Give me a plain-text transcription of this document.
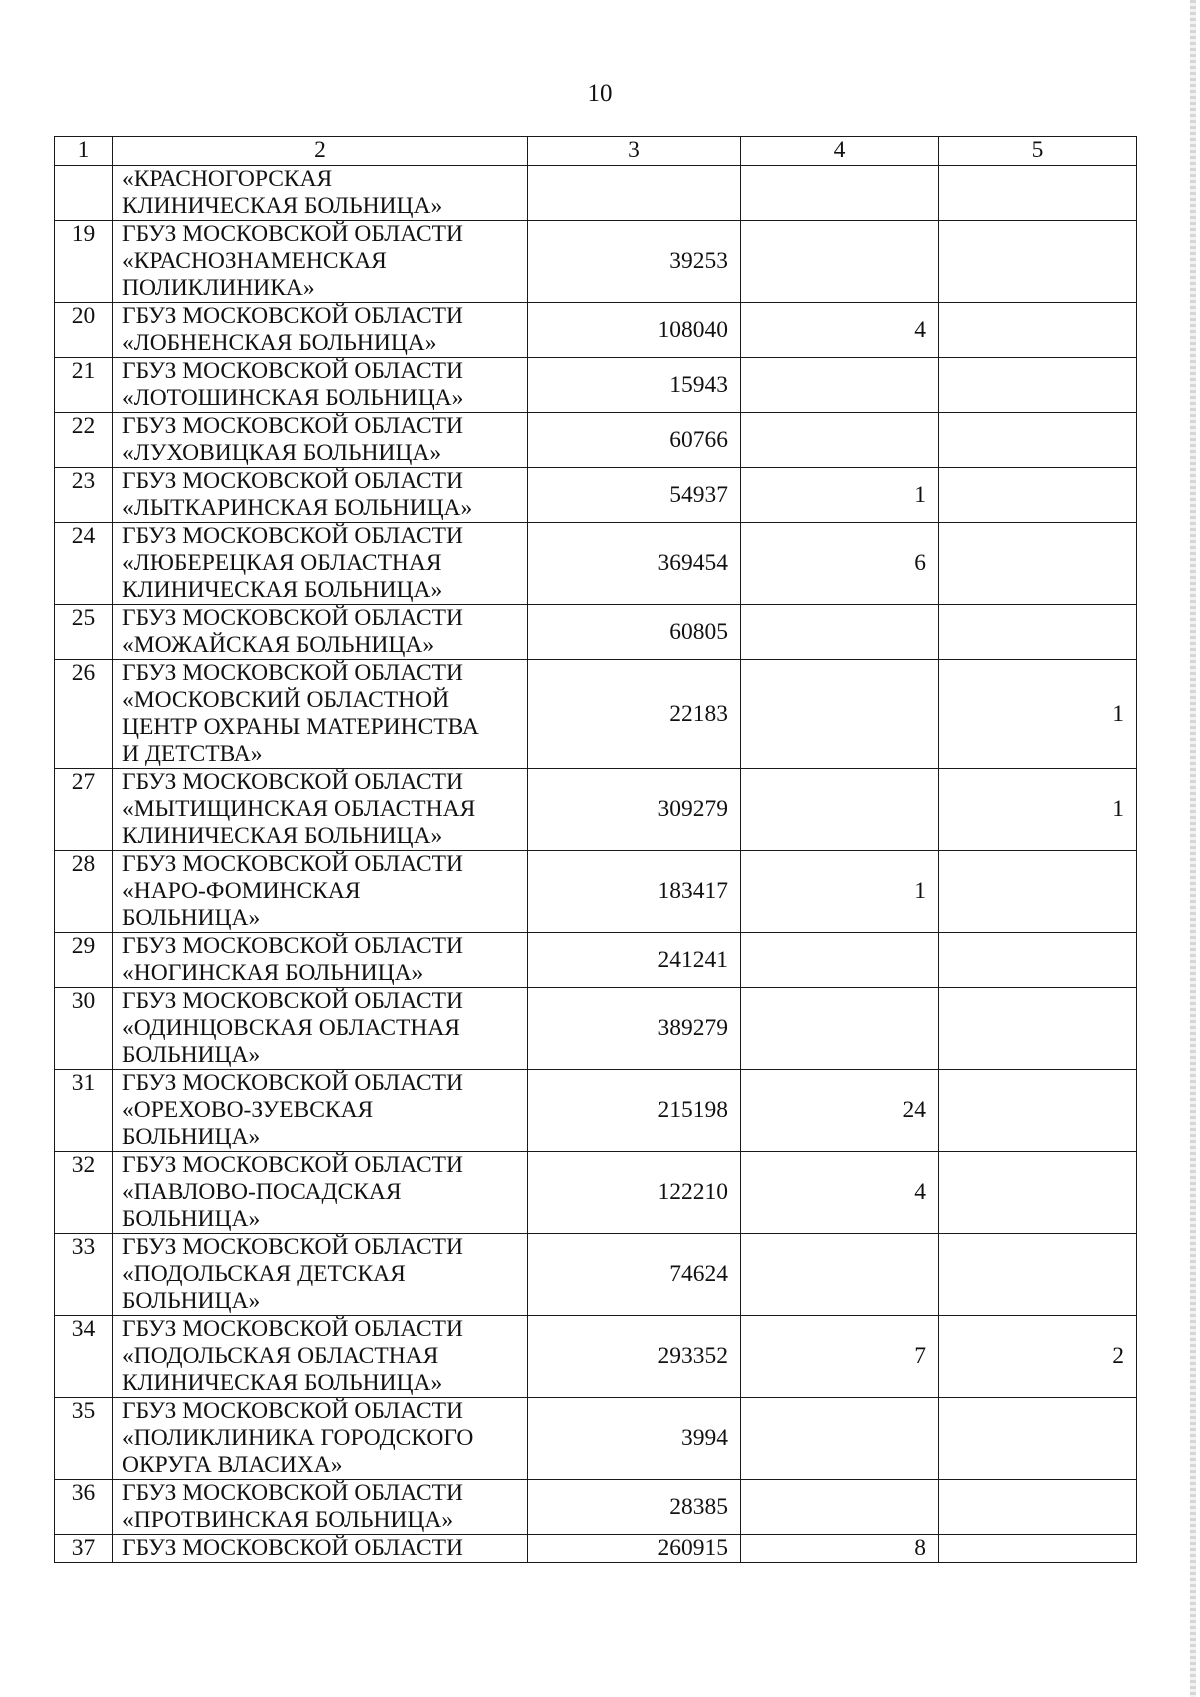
10
1	2	3	4	5

	«КРАСНОГОРСКАЯ
КЛИНИЧЕСКАЯ БОЛЬНИЦА»			

19	ГБУЗ МОСКОВСКОЙ ОБЛАСТИ
«КРАСНОЗНАМЕНСКАЯ
ПОЛИКЛИНИКА»	39253		
20	ГБУЗ МОСКОВСКОЙ ОБЛАСТИ
«ЛОБНЕНСКАЯ БОЛЬНИЦА»	108040	4	
21	ГБУЗ МОСКОВСКОЙ ОБЛАСТИ
«ЛОТОШИНСКАЯ БОЛЬНИЦА»	15943		
22	ГБУЗ МОСКОВСКОЙ ОБЛАСТИ
«ЛУХОВИЦКАЯ БОЛЬНИЦА»	60766		
23	ГБУЗ МОСКОВСКОЙ ОБЛАСТИ
«ЛЫТКАРИНСКАЯ БОЛЬНИЦА»	54937	1	
24	ГБУЗ МОСКОВСКОЙ ОБЛАСТИ
«ЛЮБЕРЕЦКАЯ ОБЛАСТНАЯ
КЛИНИЧЕСКАЯ БОЛЬНИЦА»	369454	6	
25	ГБУЗ МОСКОВСКОЙ ОБЛАСТИ
«МОЖАЙСКАЯ БОЛЬНИЦА»	60805		
26	ГБУЗ МОСКОВСКОЙ ОБЛАСТИ
«МОСКОВСКИЙ ОБЛАСТНОЙ
ЦЕНТР ОХРАНЫ МАТЕРИНСТВА
И ДЕТСТВА»	22183		1
27	ГБУЗ МОСКОВСКОЙ ОБЛАСТИ
«МЫТИЩИНСКАЯ ОБЛАСТНАЯ
КЛИНИЧЕСКАЯ БОЛЬНИЦА»	309279		1
28	ГБУЗ МОСКОВСКОЙ ОБЛАСТИ
«НАРО-ФОМИНСКАЯ
БОЛЬНИЦА»	183417	1	
29	ГБУЗ МОСКОВСКОЙ ОБЛАСТИ
«НОГИНСКАЯ БОЛЬНИЦА»	241241		
30	ГБУЗ МОСКОВСКОЙ ОБЛАСТИ
«ОДИНЦОВСКАЯ ОБЛАСТНАЯ
БОЛЬНИЦА»	389279		
31	ГБУЗ МОСКОВСКОЙ ОБЛАСТИ
«ОРЕХОВО-ЗУЕВСКАЯ
БОЛЬНИЦА»	215198	24	
32	ГБУЗ МОСКОВСКОЙ ОБЛАСТИ
«ПАВЛОВО-ПОСАДСКАЯ
БОЛЬНИЦА»	122210	4	
33	ГБУЗ МОСКОВСКОЙ ОБЛАСТИ
«ПОДОЛЬСКАЯ ДЕТСКАЯ
БОЛЬНИЦА»	74624		
34	ГБУЗ МОСКОВСКОЙ ОБЛАСТИ
«ПОДОЛЬСКАЯ ОБЛАСТНАЯ
КЛИНИЧЕСКАЯ БОЛЬНИЦА»	293352	7	2
35	ГБУЗ МОСКОВСКОЙ ОБЛАСТИ
«ПОЛИКЛИНИКА ГОРОДСКОГО
ОКРУГА ВЛАСИХА»	3994		
36	ГБУЗ МОСКОВСКОЙ ОБЛАСТИ
«ПРОТВИНСКАЯ БОЛЬНИЦА»	28385		
37	ГБУЗ МОСКОВСКОЙ ОБЛАСТИ	260915	8	
